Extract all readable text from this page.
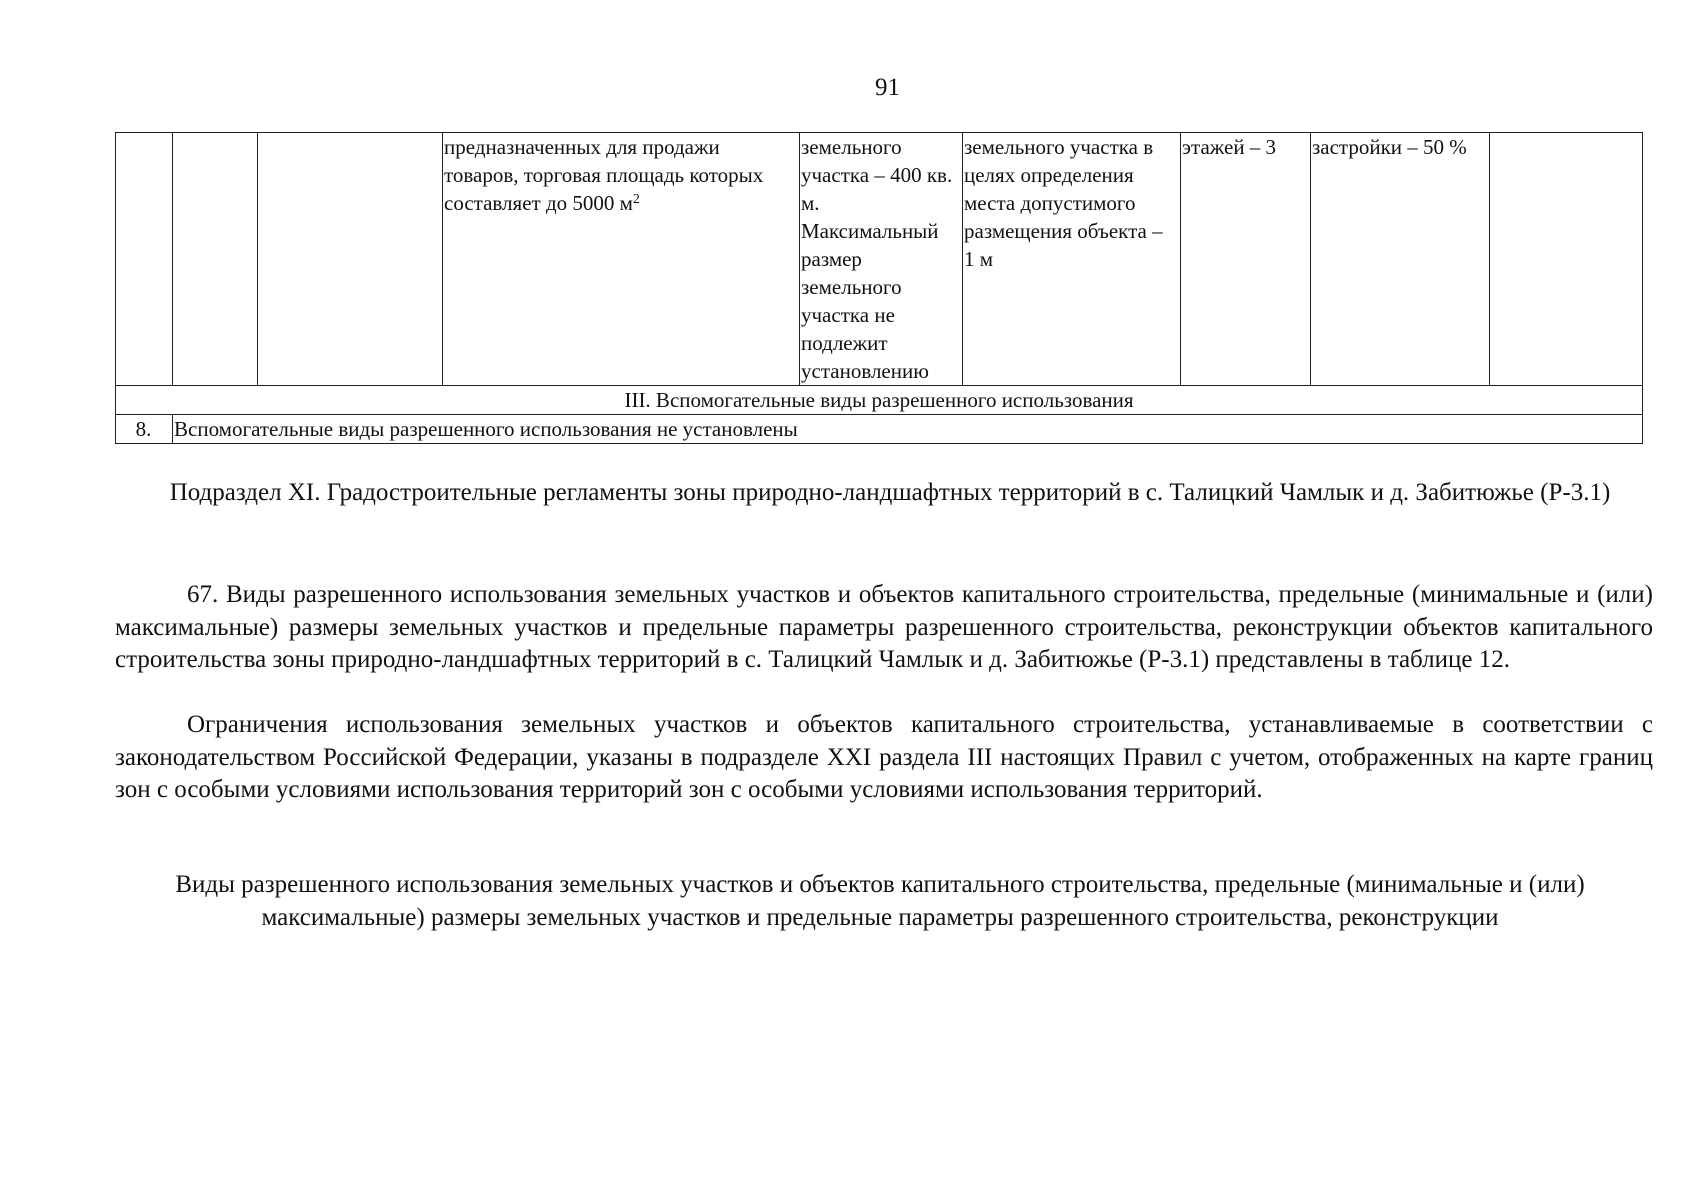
91
			предназначенных для продажи товаров, торговая площадь которых составляет до 5000 $м^2$	земельного участка – 400 кв. м. Максимальный размер земельного участка не подлежит установлению	земельного участка в целях определения места допустимого размещения объекта – 1 м	этажей – 3	застройки – 50 %	
III. Вспомогательные виды разрешенного использования								
8.	Вспомогательные виды разрешенного использования не установлены							
Подраздел XI. Градостроительные регламенты зоны природно-ландшафтных территорий в с. Талицкий Чамлык и д. Забитюжье (Р-3.1)

67. Виды разрешенного использования земельных участков и объектов капитального строительства, предельные (минимальные и (или) максимальные) размеры земельных участков и предельные параметры разрешенного строительства, реконструкции объектов капитального строительства зоны природно-ландшафтных территорий в с. Талицкий Чамлык и д. Забитюжье (Р-3.1) представлены в таблице 12.

Ограничения использования земельных участков и объектов капитального строительства, устанавливаемые в соответствии с законодательством Российской Федерации, указаны в подразделе XXI раздела III настоящих Правил с учетом, отображенных на карте границ зон с особыми условиями использования территорий зон с особыми условиями использования территорий.

Виды разрешенного использования земельных участков и объектов капитального строительства, предельные (минимальные и (или) максимальные) размеры земельных участков и предельные параметры разрешенного строительства, реконструкции
